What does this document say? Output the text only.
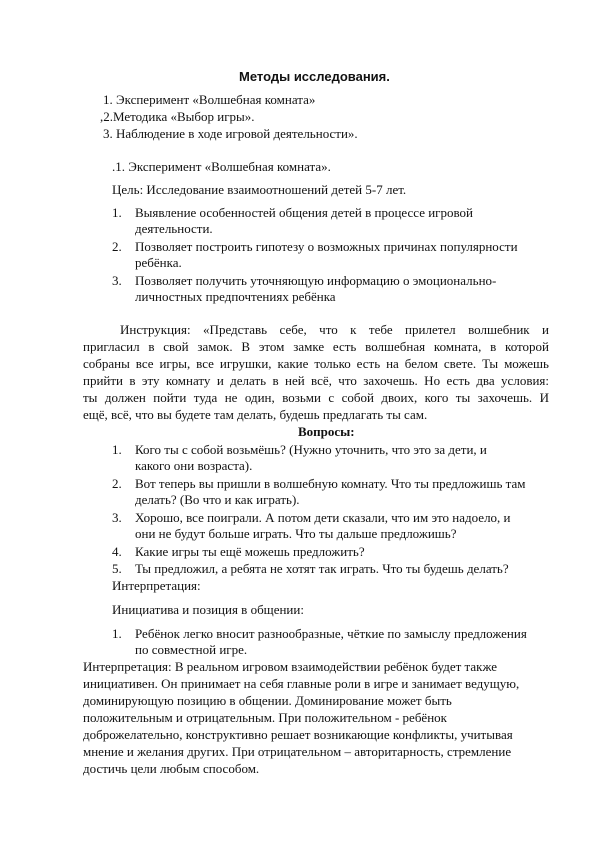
Методы исследования.
1. Эксперимент «Волшебная комната»
,2.Методика «Выбор игры».
3. Наблюдение в ходе игровой деятельности».
.1. Эксперимент «Волшебная комната».
Цель: Исследование взаимоотношений детей 5-7 лет.
1. Выявление особенностей общения детей в процессе игровой
деятельности.
2. Позволяет построить гипотезу о возможных причинах популярности
ребёнка.
3. Позволяет получить уточняющую информацию о эмоционально-
личностных предпочтениях ребёнка
Инструкция: «Представь себе, что к тебе прилетел волшебник и
пригласил в свой замок. В этом замке есть волшебная комната, в которой
собраны все игры, все игрушки, какие только есть на белом свете. Ты можешь
прийти в эту комнату и делать в ней всё, что захочешь. Но есть два условия:
ты должен пойти туда не один, возьми с собой двоих, кого ты захочешь. И
ещё, всё, что вы будете там делать, будешь предлагать ты сам.
Вопросы:
1. Кого ты с собой возьмёшь? (Нужно уточнить, что это за дети, и
какого они возраста).
2. Вот теперь вы пришли в волшебную комнату. Что ты предложишь там
делать? (Во что и как играть).
3. Хорошо, все поиграли. А потом дети сказали, что им это надоело, и
они не будут больше играть. Что ты дальше предложишь?
4. Какие игры ты ещё можешь предложить?
5. Ты предложил, а ребята не хотят так играть. Что ты будешь делать?
Интерпретация:
Инициатива и позиция в общении:
1. Ребёнок легко вносит разнообразные, чёткие по замыслу предложения
по совместной игре.
Интерпретация: В реальном игровом взаимодействии ребёнок будет также
инициативен. Он принимает на себя главные роли в игре и занимает ведущую,
доминирующую позицию в общении. Доминирование может быть
положительным и отрицательным. При положительном - ребёнок
доброжелательно, конструктивно решает возникающие конфликты, учитывая
мнение и желания других. При отрицательном – авторитарность, стремление
достичь цели любым способом.
